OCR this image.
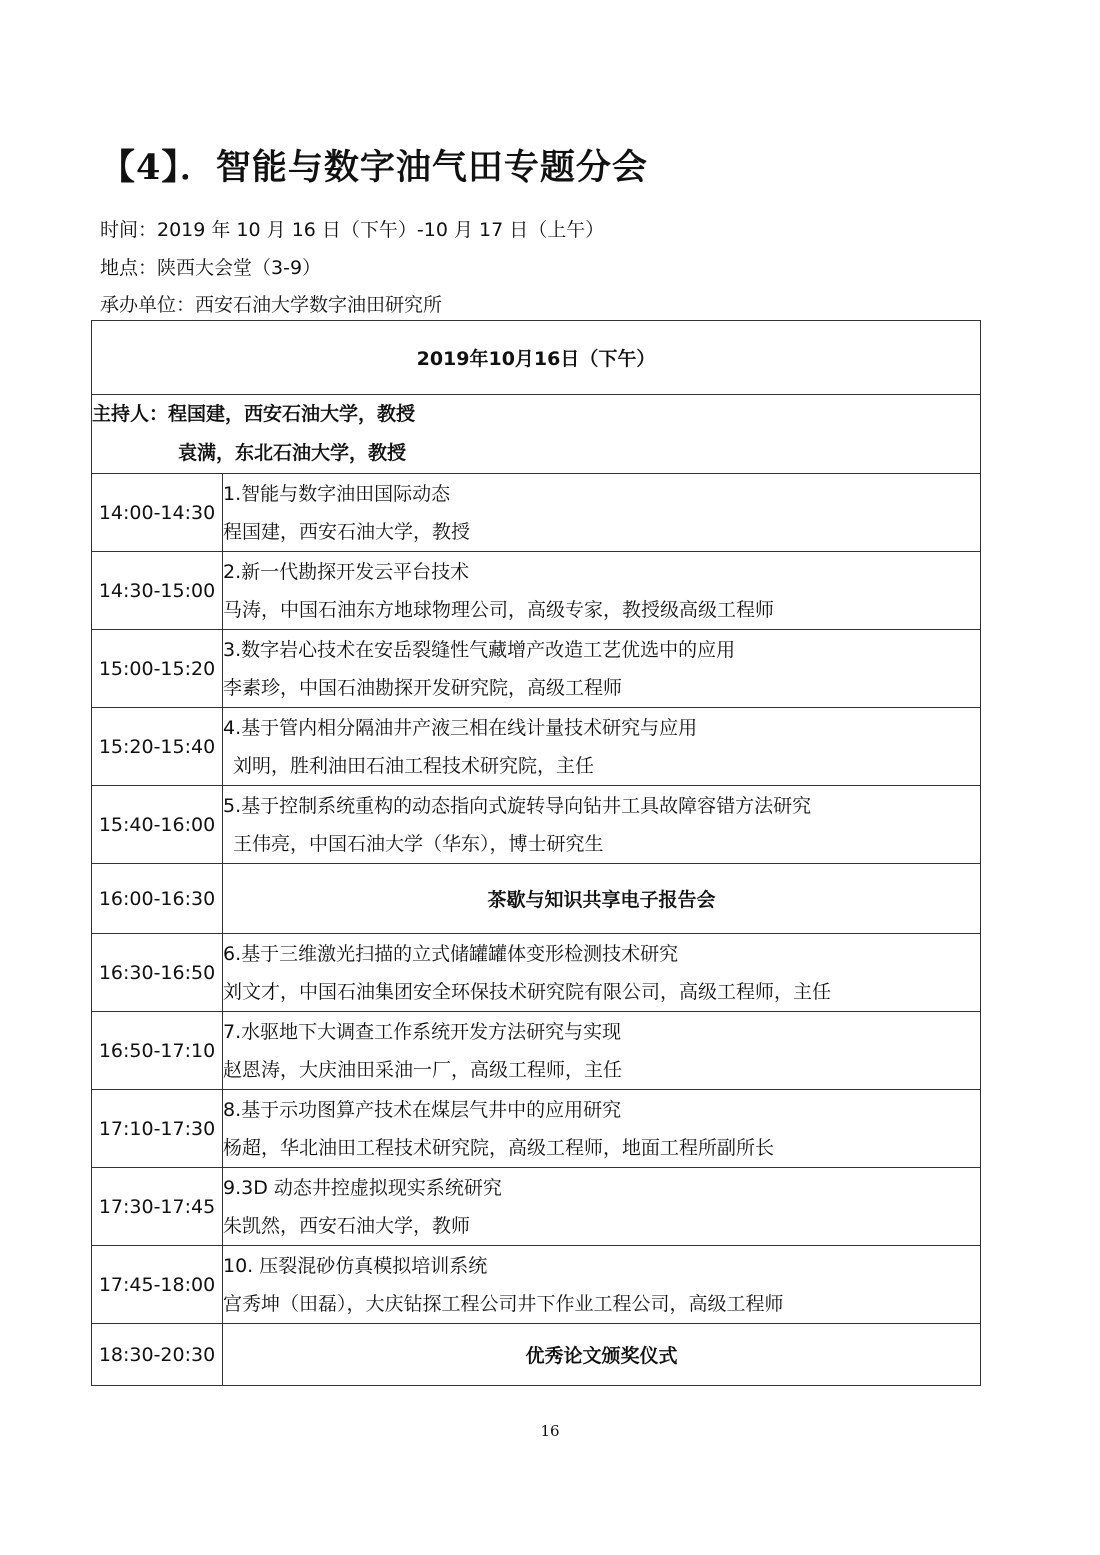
【4】．智能与数字油气田专题分会
时间：2019 年 10 月 16 日（下午）-10 月 17 日（上午）
地点：陕西大会堂（3-9）
承办单位：西安石油大学数字油田研究所
2019年10月16日（下午）	

主持人：程国建，西安石油大学，教授
袁满，东北石油大学，教授	

14:00-14:30	1.智能与数字油田国际动态
程国建，西安石油大学，教授

14:30-15:00	2.新一代勘探开发云平台技术
马涛，中国石油东方地球物理公司，高级专家，教授级高级工程师

15:00-15:20	3.数字岩心技术在安岳裂缝性气藏增产改造工艺优选中的应用
李素珍，中国石油勘探开发研究院，高级工程师

15:20-15:40	4.基于管内相分隔油井产液三相在线计量技术研究与应用
刘明，胜利油田石油工程技术研究院，主任

15:40-16:00	5.基于控制系统重构的动态指向式旋转导向钻井工具故障容错方法研究
王伟亮，中国石油大学（华东），博士研究生

16:00-16:30	茶歇与知识共享电子报告会
16:30-16:50	6.基于三维激光扫描的立式储罐罐体变形检测技术研究
刘文才，中国石油集团安全环保技术研究院有限公司，高级工程师，主任

16:50-17:10	7.水驱地下大调查工作系统开发方法研究与实现
赵恩涛，大庆油田采油一厂，高级工程师，主任

17:10-17:30	8.基于示功图算产技术在煤层气井中的应用研究
杨超，华北油田工程技术研究院，高级工程师，地面工程所副所长

17:30-17:45	9.3D 动态井控虚拟现实系统研究
朱凯然，西安石油大学，教师

17:45-18:00	10. 压裂混砂仿真模拟培训系统
宫秀坤（田磊），大庆钻探工程公司井下作业工程公司，高级工程师

18:30-20:30	优秀论文颁奖仪式
16
